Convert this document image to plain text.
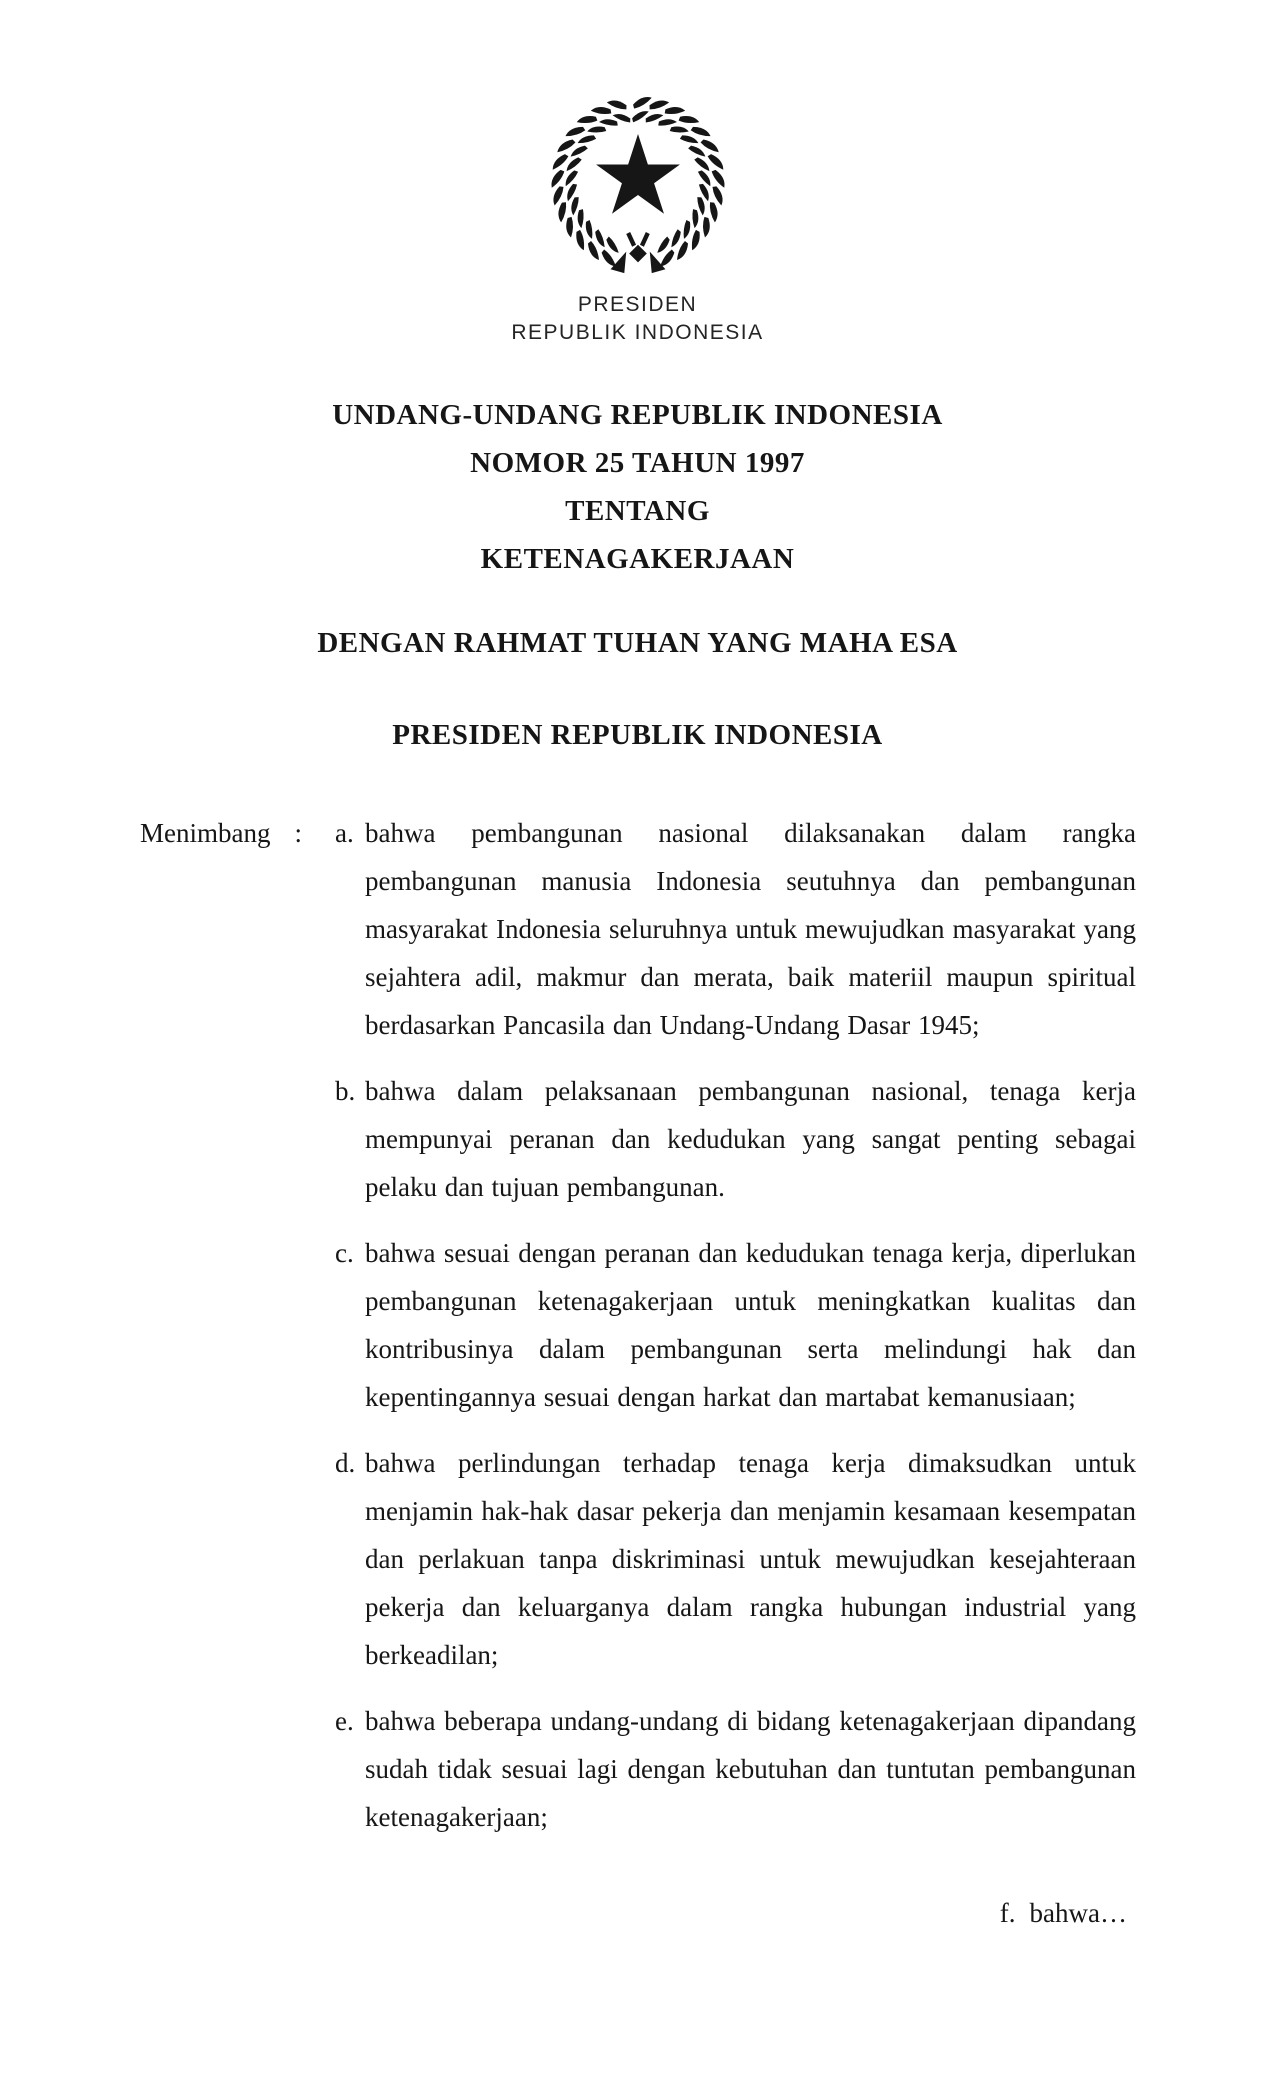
PRESIDEN
REPUBLIK INDONESIA
UNDANG-UNDANG REPUBLIK INDONESIA
NOMOR 25 TAHUN 1997
TENTANG
KETENAGAKERJAAN
DENGAN RAHMAT TUHAN YANG MAHA ESA
PRESIDEN REPUBLIK INDONESIA
Menimbang : a. bahwa pembangunan nasional dilaksanakan dalam rangka pembangunan manusia Indonesia seutuhnya dan pembangunan masyarakat Indonesia seluruhnya untuk mewujudkan masyarakat yang sejahtera adil, makmur dan merata, baik materiil maupun spiritual berdasarkan Pancasila dan Undang-Undang Dasar 1945;
b. bahwa dalam pelaksanaan pembangunan nasional, tenaga kerja mempunyai peranan dan kedudukan yang sangat penting sebagai pelaku dan tujuan pembangunan.
c. bahwa sesuai dengan peranan dan kedudukan tenaga kerja, diperlukan pembangunan ketenagakerjaan untuk meningkatkan kualitas dan kontribusinya dalam pembangunan serta melindungi hak dan kepentingannya sesuai dengan harkat dan martabat kemanusiaan;
d. bahwa perlindungan terhadap tenaga kerja dimaksudkan untuk menjamin hak-hak dasar pekerja dan menjamin kesamaan kesempatan dan perlakuan tanpa diskriminasi untuk mewujudkan kesejahteraan pekerja dan keluarganya dalam rangka hubungan industrial yang berkeadilan;
e. bahwa beberapa undang-undang di bidang ketenagakerjaan dipandang sudah tidak sesuai lagi dengan kebutuhan dan tuntutan pembangunan ketenagakerjaan;
f. bahwa…
